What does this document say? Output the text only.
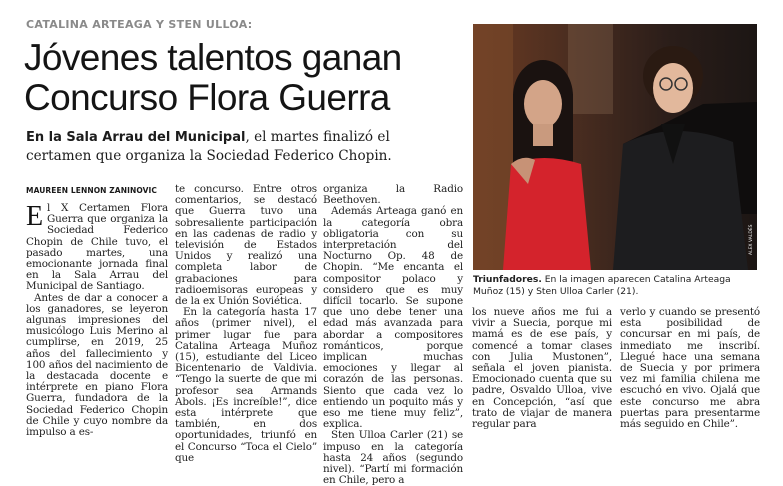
CATALINA ARTEAGA Y STEN ULLOA:
Jóvenes talentos ganan
Concurso Flora Guerra
En la Sala Arrau del Municipal, el martes finalizó el certamen que organiza la Sociedad Federico Chopin.
MAUREEN LENNON ZANINOVIC

El X Certamen Flora Guerra que organiza la Sociedad Federico Chopin de Chile tuvo, el pasado martes, una emocionante jornada final en la Sala Arrau del Municipal de Santiago.

Antes de dar a conocer a los ganadores, se leyeron algunas impresiones del musicólogo Luis Merino al cumplirse, en 2019, 25 años del fallecimiento y 100 años del nacimiento de la destacada docente e intérprete en piano Flora Guerra, fundadora de la Sociedad Federico Chopin de Chile y cuyo nombre da impulso a es-

te concurso. Entre otros comentarios, se destacó que Guerra tuvo una sobresaliente participación en las cadenas de radio y televisión de Estados Unidos y realizó una completa labor de grabaciones para radioemisoras europeas y de la ex Unión Soviética.

En la categoría hasta 17 años (primer nivel), el primer lugar fue para Catalina Arteaga Muñoz (15), estudiante del Liceo Bicentenario de Valdivia. “Tengo la suerte de que mi profesor sea Armands Abols. ¡Es increíble!”, dice esta intérprete que también, en dos oportunidades, triunfó en el Concurso “Toca el Cielo” que

organiza la Radio Beethoven.

Además Arteaga ganó en la categoría obra obligatoria con su interpretación del Nocturno Op. 48 de Chopin. “Me encanta el compositor polaco y considero que es muy difícil tocarlo. Se supone que uno debe tener una edad más avanzada para abordar a compositores románticos, porque implican muchas emociones y llegar al corazón de las personas. Siento que cada vez lo entiendo un poquito más y eso me tiene muy feliz”, explica.

Sten Ulloa Carler (21) se impuso en la categoría hasta 24 años (segundo nivel). “Partí mi formación en Chile, pero a

ALEX VALDÉS
Triunfadores. En la imagen aparecen Catalina Arteaga Muñoz (15) y Sten Ulloa Carler (21).

los nueve años me fui a vivir a Suecia, porque mi mamá es de ese país, y comencé a tomar clases con Julia Mustonen”, señala el joven pianista. Emocionado cuenta que su padre, Osvaldo Ulloa, vive en Concepción, “así que trato de viajar de manera regular para

verlo y cuando se presentó esta posibilidad de concursar en mi país, de inmediato me inscribí. Llegué hace una semana de Suecia y por primera vez mi familia chilena me escuchó en vivo. Ojalá que este concurso me abra puertas para presentarme más seguido en Chile”.
